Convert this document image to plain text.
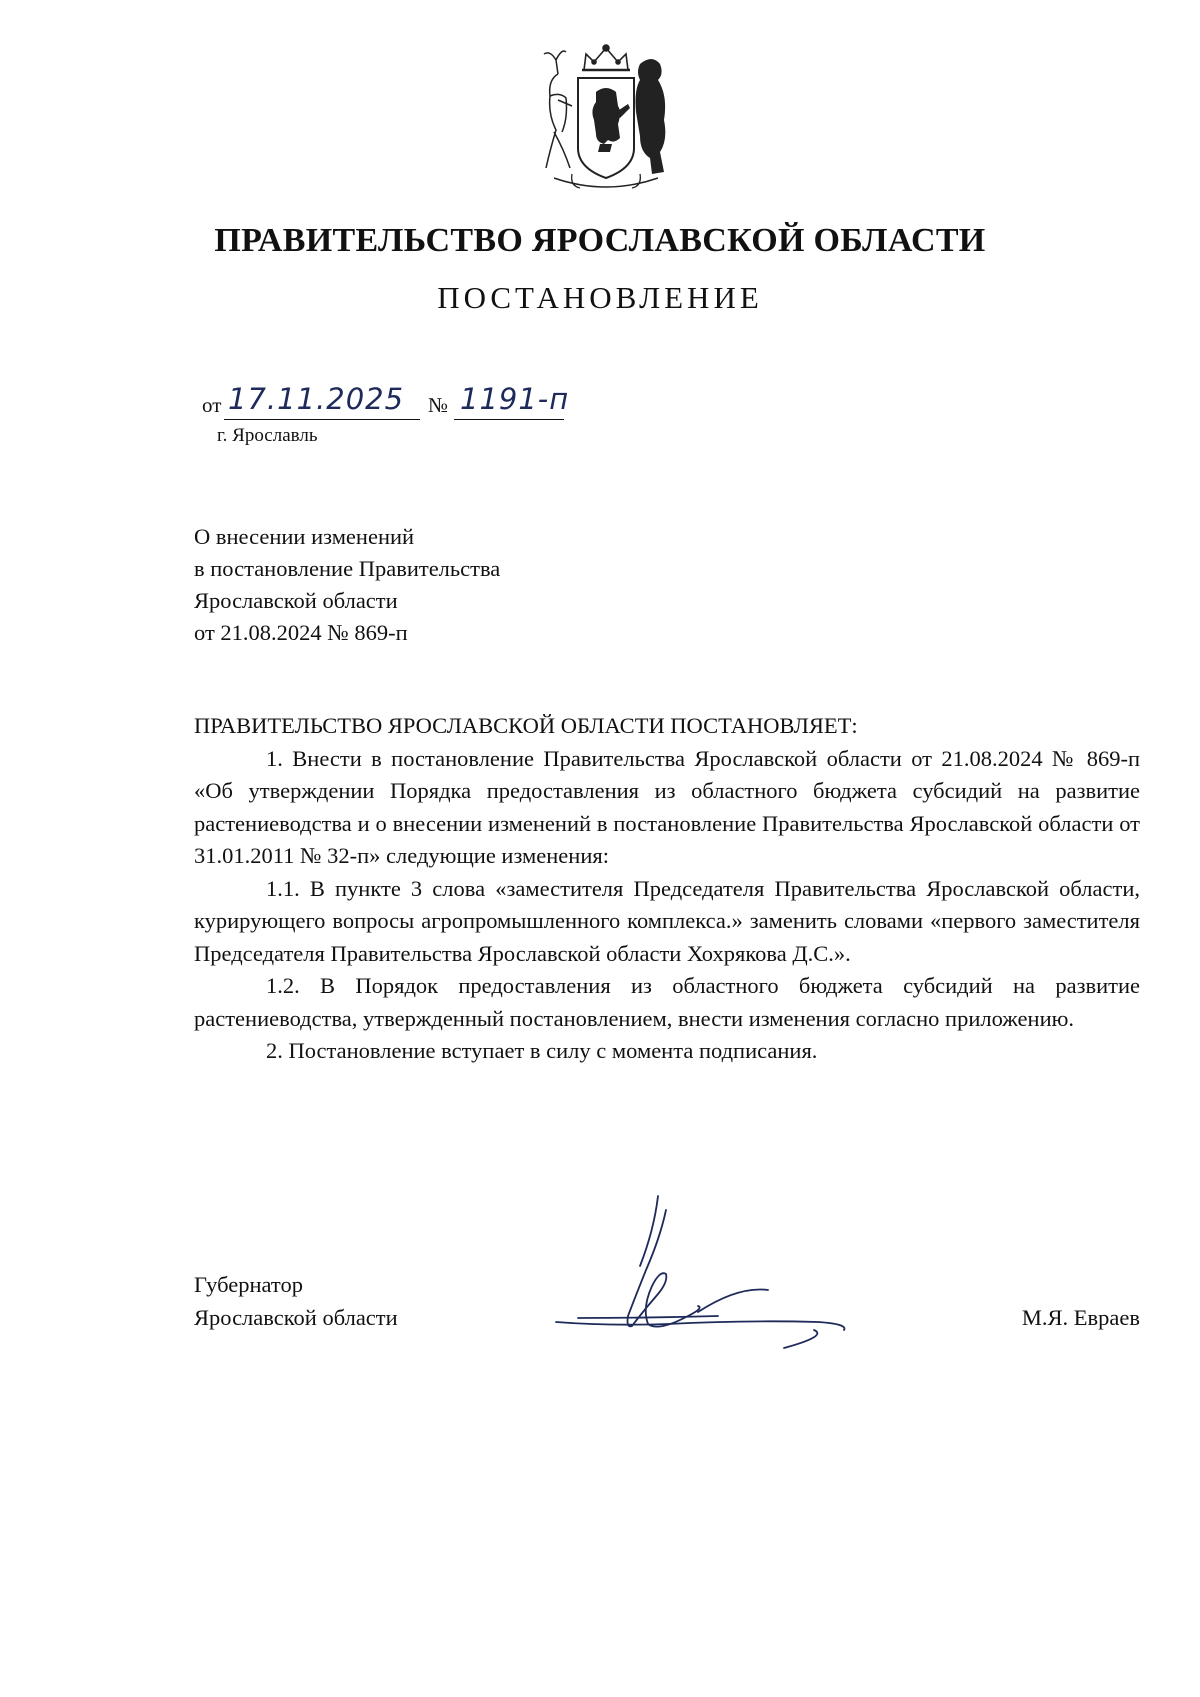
ПРАВИТЕЛЬСТВО ЯРОСЛАВСКОЙ ОБЛАСТИ
ПОСТАНОВЛЕНИЕ
от 17.11.2025 № 1191-п
г. Ярославль
О внесении изменений
в постановление Правительства
Ярославской области
от 21.08.2024 № 869-п

ПРАВИТЕЛЬСТВО ЯРОСЛАВСКОЙ ОБЛАСТИ ПОСТАНОВЛЯЕТ:

1. Внести в постановление Правительства Ярославской области от 21.08.2024 № 869-п «Об утверждении Порядка предоставления из областного бюджета субсидий на развитие растениеводства и о внесении изменений в постановление Правительства Ярославской области от 31.01.2011 № 32-п» следующие изменения:

1.1. В пункте 3 слова «заместителя Председателя Правительства Ярославской области, курирующего вопросы агропромышленного комплекса.» заменить словами «первого заместителя Председателя Правительства Ярославской области Хохрякова Д.С.».

1.2. В Порядок предоставления из областного бюджета субсидий на развитие растениеводства, утвержденный постановлением, внести изменения согласно приложению.

2. Постановление вступает в силу с момента подписания.

Губернатор
Ярославской области	М.Я. Евраев
